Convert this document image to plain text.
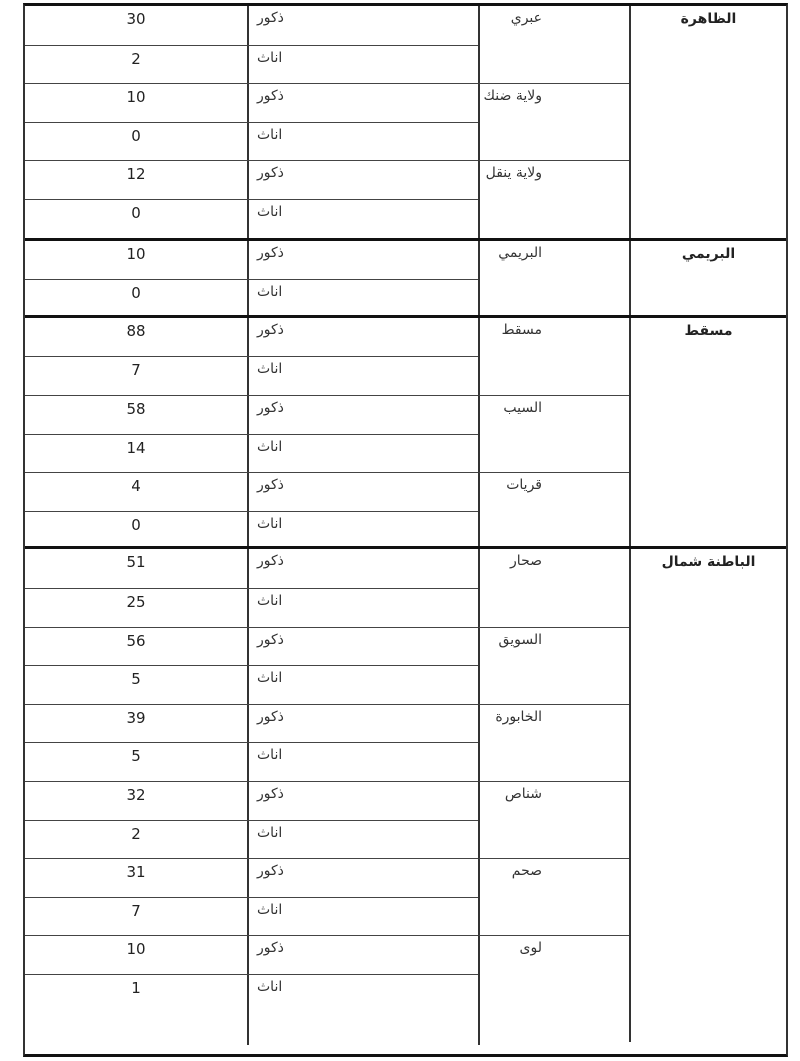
الظاهرة
عبري
30	ذكور
2	اناث
ولاية ضنك
10	ذكور
0	اناث
ولاية ينقل
12	ذكور
0	اناث
البريمي
البريمي
10	ذكور
0	اناث
مسقط
مسقط
88	ذكور
7	اناث
السيب
58	ذكور
14	اناث
قريات
4	ذكور
0	اناث
الباطنة شمال
صحار
51	ذكور
25	اناث
السويق
56	ذكور
5	اناث
الخابورة
39	ذكور
5	اناث
شناص
32	ذكور
2	اناث
صحم
31	ذكور
7	اناث
لوى
10	ذكور
1	اناث
